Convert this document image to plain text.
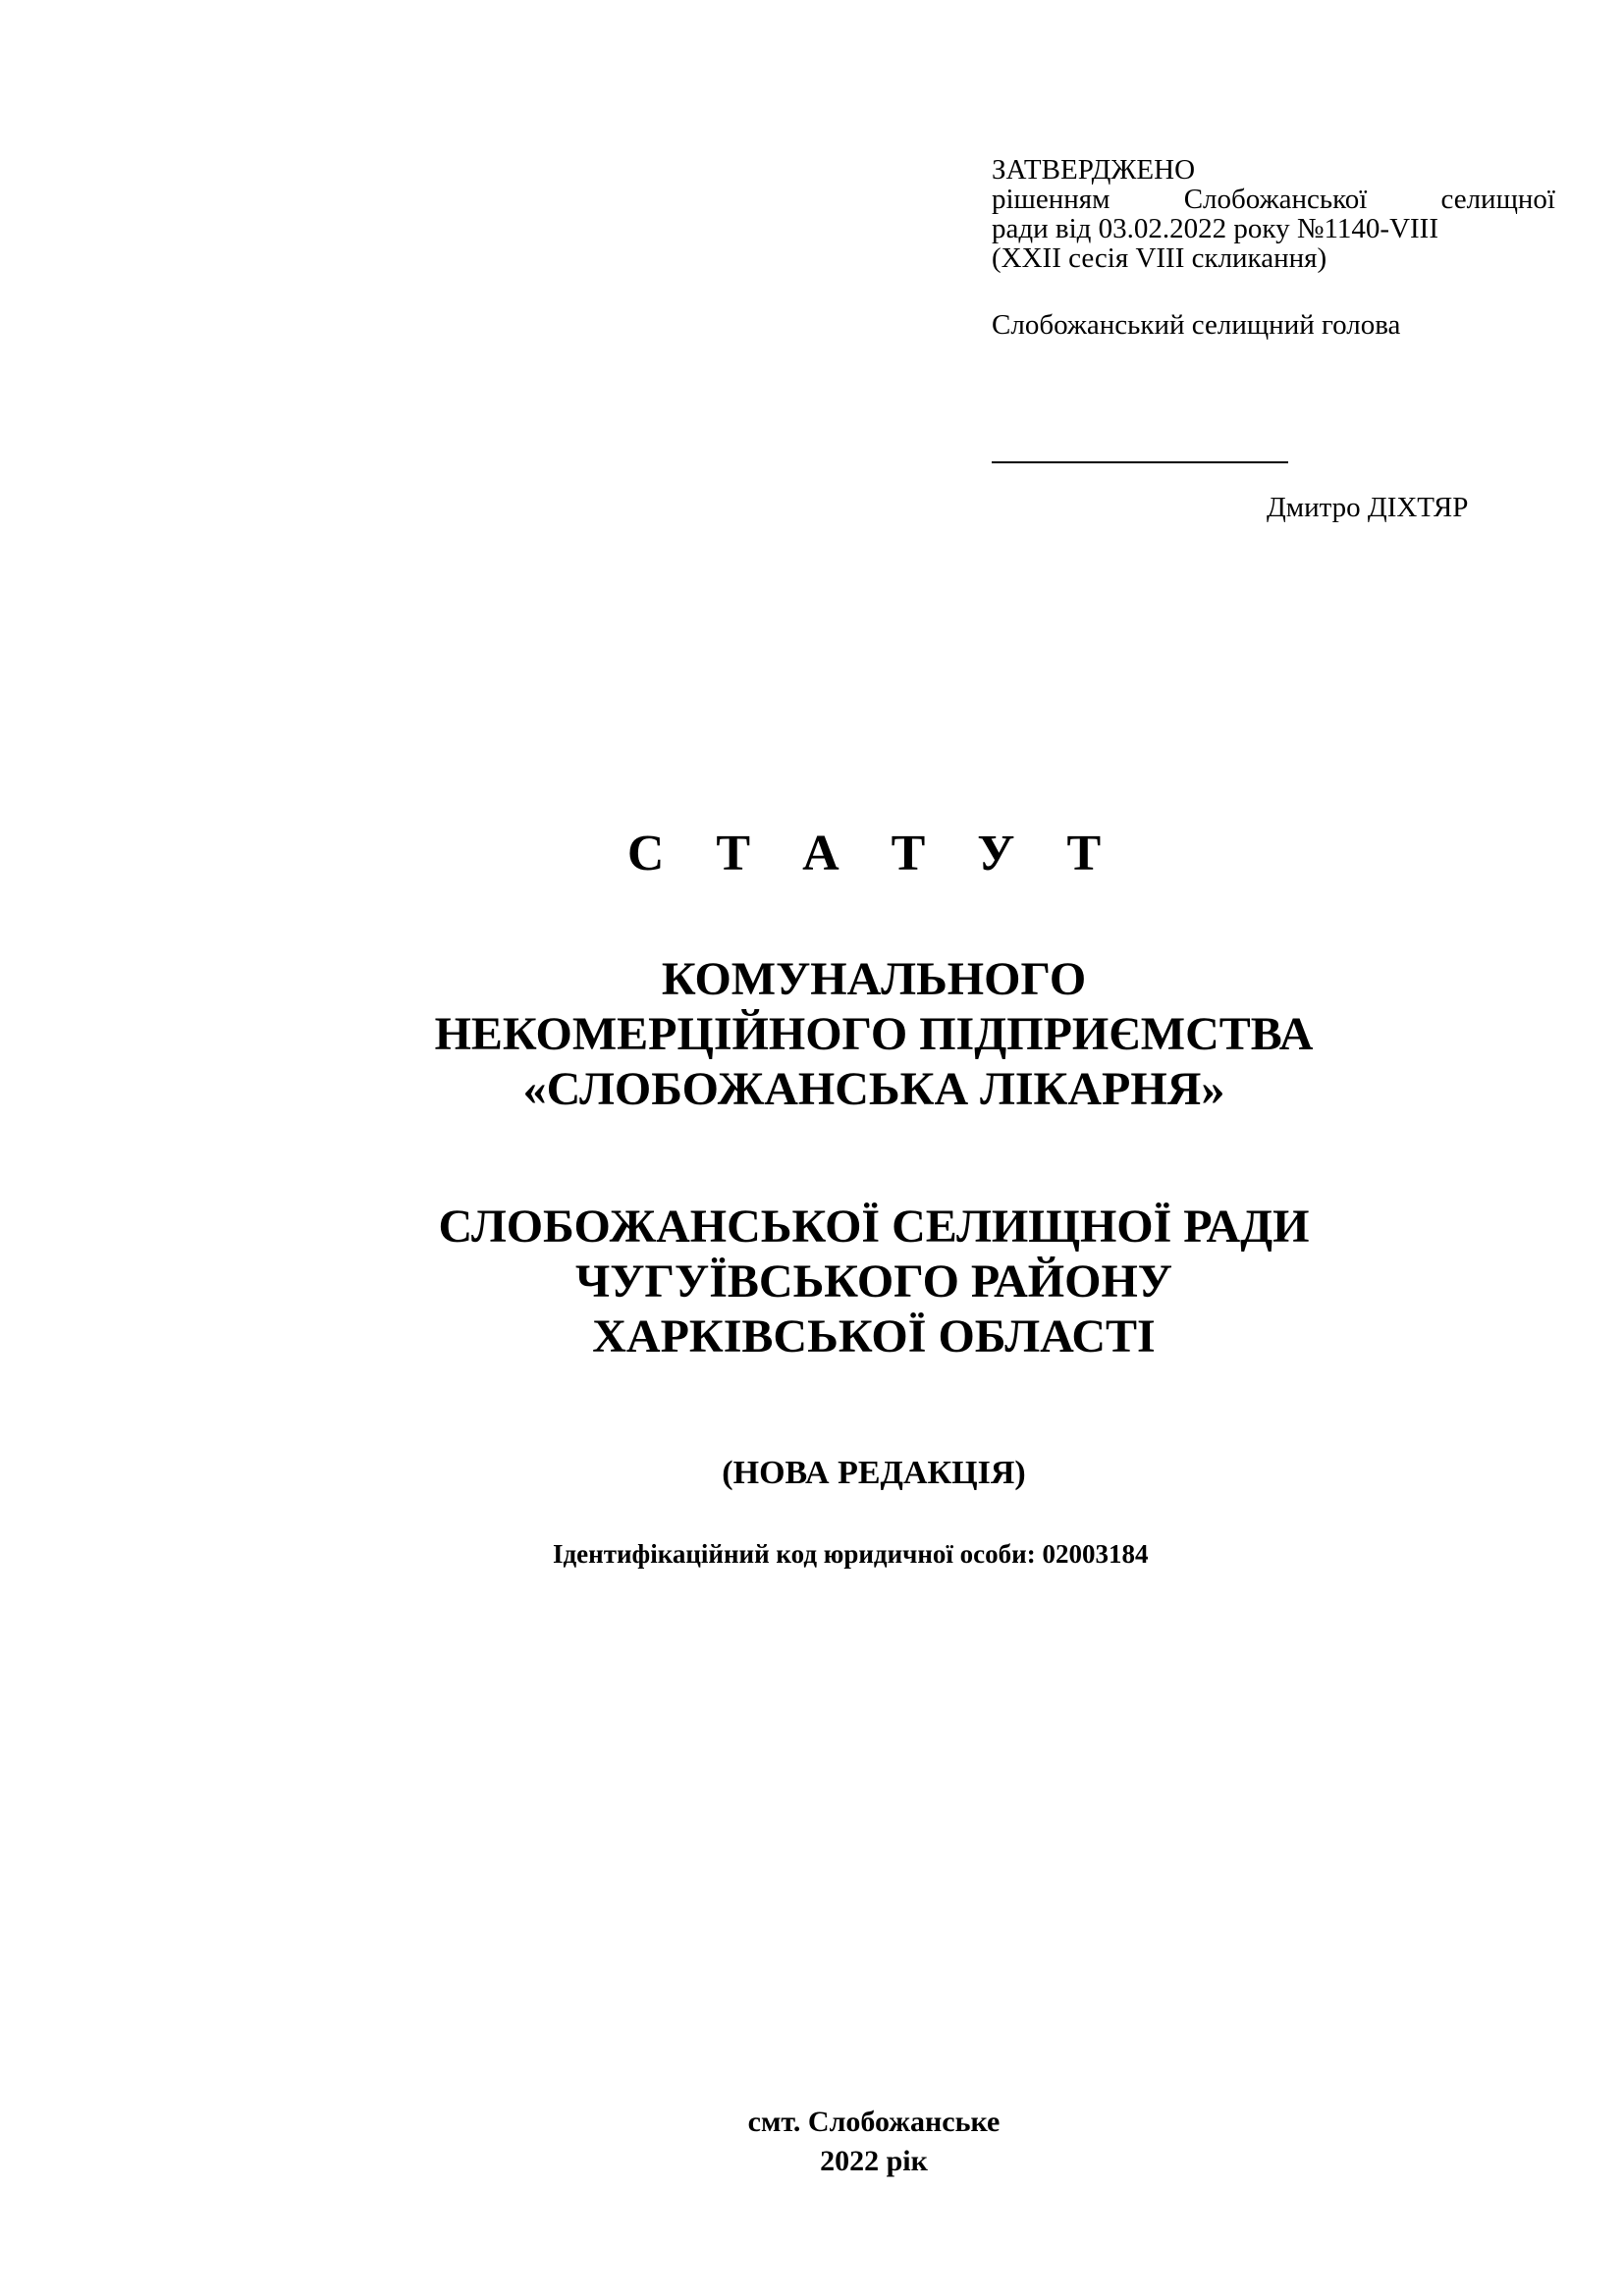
ЗАТВЕРДЖЕНО
рішенням	Слобожанської	селищної
ради від 03.02.2022 року №1140-VIII
(XXII сесія VIII скликання)
Слобожанський селищний голова
Дмитро ДІХТЯР
С Т А Т У Т
КОМУНАЛЬНОГО
НЕКОМЕРЦІЙНОГО ПІДПРИЄМСТВА
«СЛОБОЖАНСЬКА ЛІКАРНЯ»
СЛОБОЖАНСЬКОЇ СЕЛИЩНОЇ РАДИ
ЧУГУЇВСЬКОГО РАЙОНУ
ХАРКІВСЬКОЇ ОБЛАСТІ
(НОВА РЕДАКЦІЯ)
Ідентифікаційний код юридичної особи: 02003184
смт. Слобожанське
2022 рік
